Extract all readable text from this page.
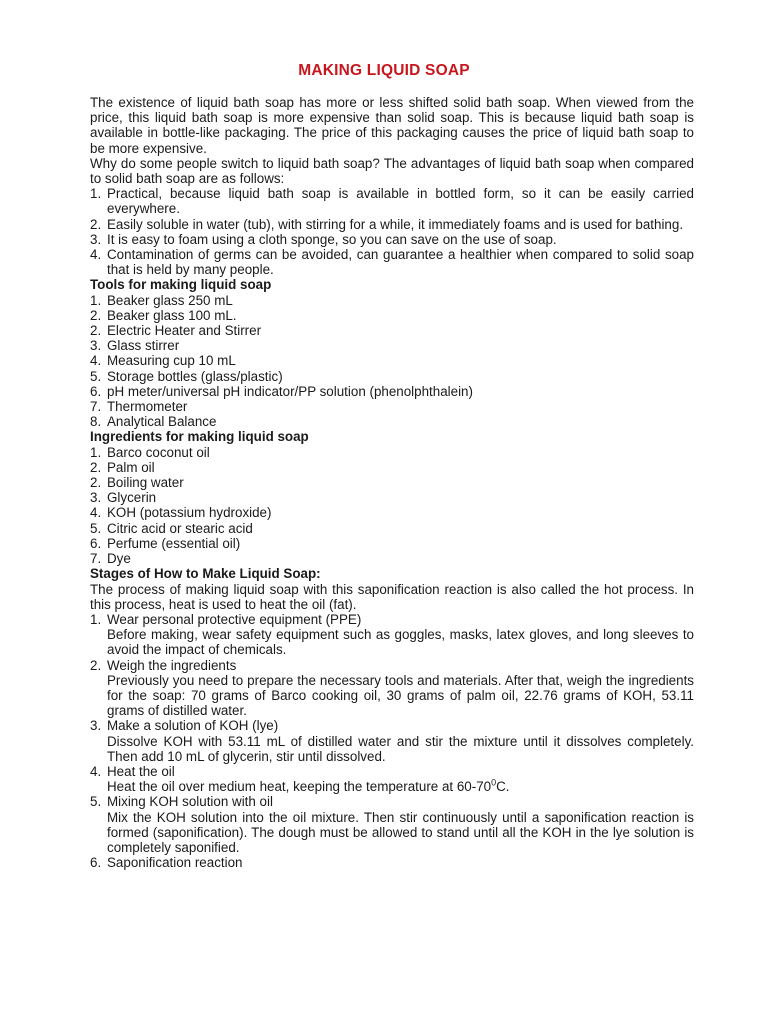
MAKING LIQUID SOAP

The existence of liquid bath soap has more or less shifted solid bath soap. When viewed from the price, this liquid bath soap is more expensive than solid soap. This is because liquid bath soap is available in bottle-like packaging. The price of this packaging causes the price of liquid bath soap to be more expensive.

Why do some people switch to liquid bath soap? The advantages of liquid bath soap when compared to solid bath soap are as follows:

1. Practical, because liquid bath soap is available in bottled form, so it can be easily carried everywhere.
2. Easily soluble in water (tub), with stirring for a while, it immediately foams and is used for bathing.
3. It is easy to foam using a cloth sponge, so you can save on the use of soap.
4. Contamination of germs can be avoided, can guarantee a healthier when compared to solid soap that is held by many people.

Tools for making liquid soap

1. Beaker glass 250 mL
2. Beaker glass 100 mL.
2. Electric Heater and Stirrer
3. Glass stirrer
4. Measuring cup 10 mL
5. Storage bottles (glass/plastic)
6. pH meter/universal pH indicator/PP solution (phenolphthalein)
7. Thermometer
8. Analytical Balance

Ingredients for making liquid soap

1. Barco coconut oil
2. Palm oil
2. Boiling water
3. Glycerin
4. KOH (potassium hydroxide)
5. Citric acid or stearic acid
6. Perfume (essential oil)
7. Dye

Stages of How to Make Liquid Soap:

The process of making liquid soap with this saponification reaction is also called the hot process. In this process, heat is used to heat the oil (fat).

1. Wear personal protective equipment (PPE)
Before making, wear safety equipment such as goggles, masks, latex gloves, and long sleeves to avoid the impact of chemicals.
2. Weigh the ingredients
Previously you need to prepare the necessary tools and materials. After that, weigh the ingredients for the soap: 70 grams of Barco cooking oil, 30 grams of palm oil, 22.76 grams of KOH, 53.11 grams of distilled water.
3. Make a solution of KOH (lye)
Dissolve KOH with 53.11 mL of distilled water and stir the mixture until it dissolves completely. Then add 10 mL of glycerin, stir until dissolved.
4. Heat the oil
Heat the oil over medium heat, keeping the temperature at $60-70^0C$.
5. Mixing KOH solution with oil
Mix the KOH solution into the oil mixture. Then stir continuously until a saponification reaction is formed (saponification). The dough must be allowed to stand until all the KOH in the lye solution is completely saponified.
6. Saponification reaction
